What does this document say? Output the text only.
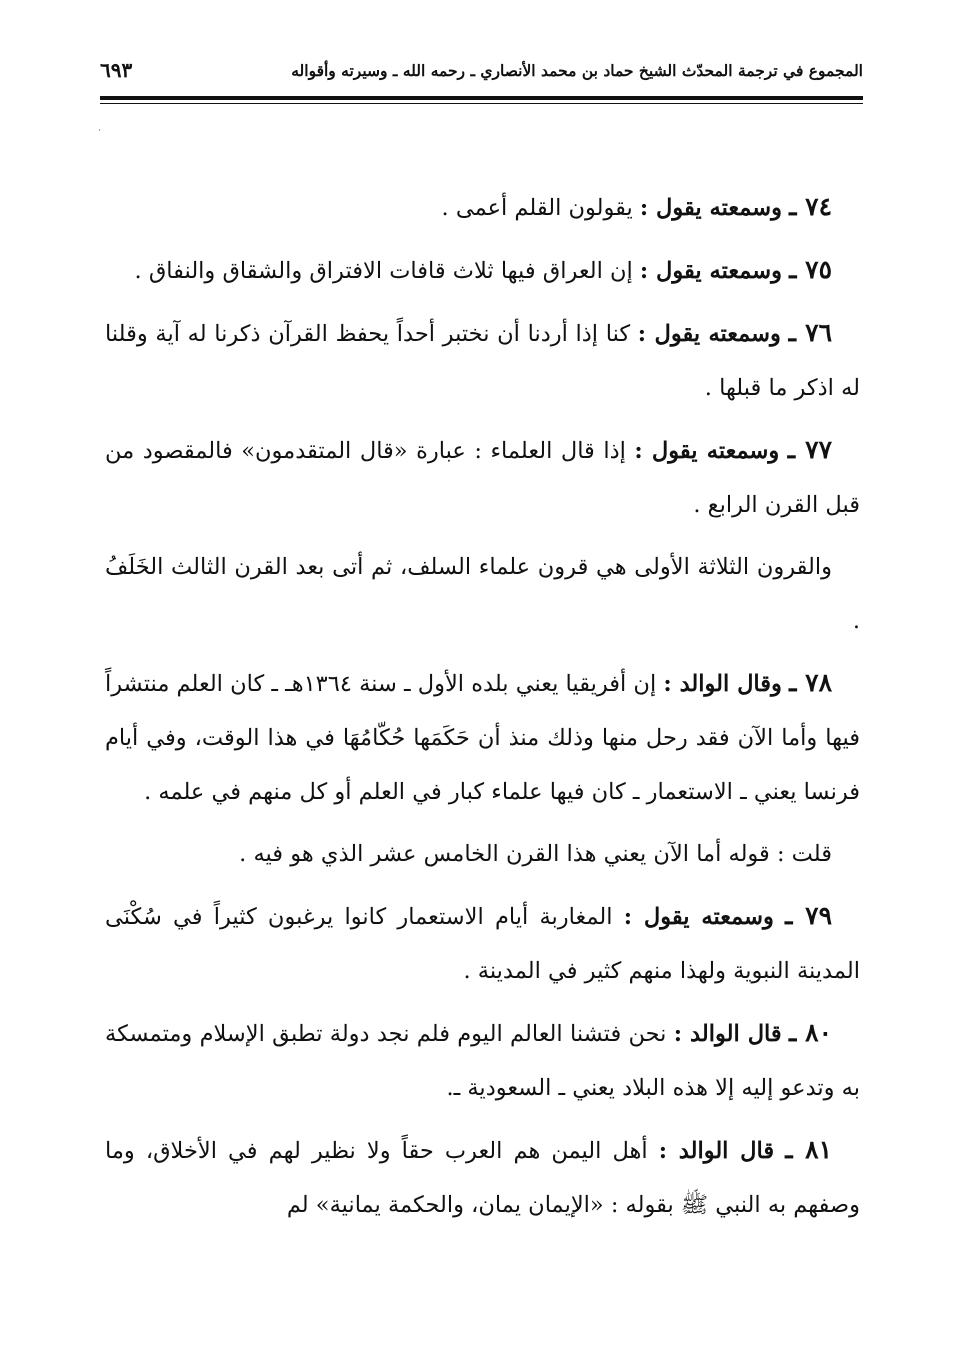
المجموع في ترجمة المحدّث الشيخ حماد بن محمد الأنصاري ـ رحمه الله ـ وسيرته وأقواله
٦٩٣
·

٧٤ ـ وسمعته يقول : يقولون القلم أعمى .

٧٥ ـ وسمعته يقول : إن العراق فيها ثلاث قافات الافتراق والشقاق والنفاق .

٧٦ ـ وسمعته يقول : كنا إذا أردنا أن نختبر أحداً يحفظ القرآن ذكرنا له آية وقلنا له اذكر ما قبلها .

٧٧ ـ وسمعته يقول : إذا قال العلماء : عبارة «قال المتقدمون» فالمقصود من قبل القرن الرابع .

والقرون الثلاثة الأولى هي قرون علماء السلف، ثم أتى بعد القرن الثالث الخَلَفُ .

٧٨ ـ وقال الوالد : إن أفريقيا يعني بلده الأول ـ سنة ١٣٦٤هـ ـ كان العلم منتشراً فيها وأما الآن فقد رحل منها وذلك منذ أن حَكَمَها حُكّامُهَا في هذا الوقت، وفي أيام فرنسا يعني ـ الاستعمار ـ كان فيها علماء كبار في العلم أو كل منهم في علمه .

قلت : قوله أما الآن يعني هذا القرن الخامس عشر الذي هو فيه .

٧٩ ـ وسمعته يقول : المغاربة أيام الاستعمار كانوا يرغبون كثيراً في سُكْنَى المدينة النبوية ولهذا منهم كثير في المدينة .

٨٠ ـ قال الوالد : نحن فتشنا العالم اليوم فلم نجد دولة تطبق الإسلام ومتمسكة به وتدعو إليه إلا هذه البلاد يعني ـ السعودية ـ.

٨١ ـ قال الوالد : أهل اليمن هم العرب حقاً ولا نظير لهم في الأخلاق، وما وصفهم به النبي ﷺ بقوله : «الإيمان يمان، والحكمة يمانية» لم
